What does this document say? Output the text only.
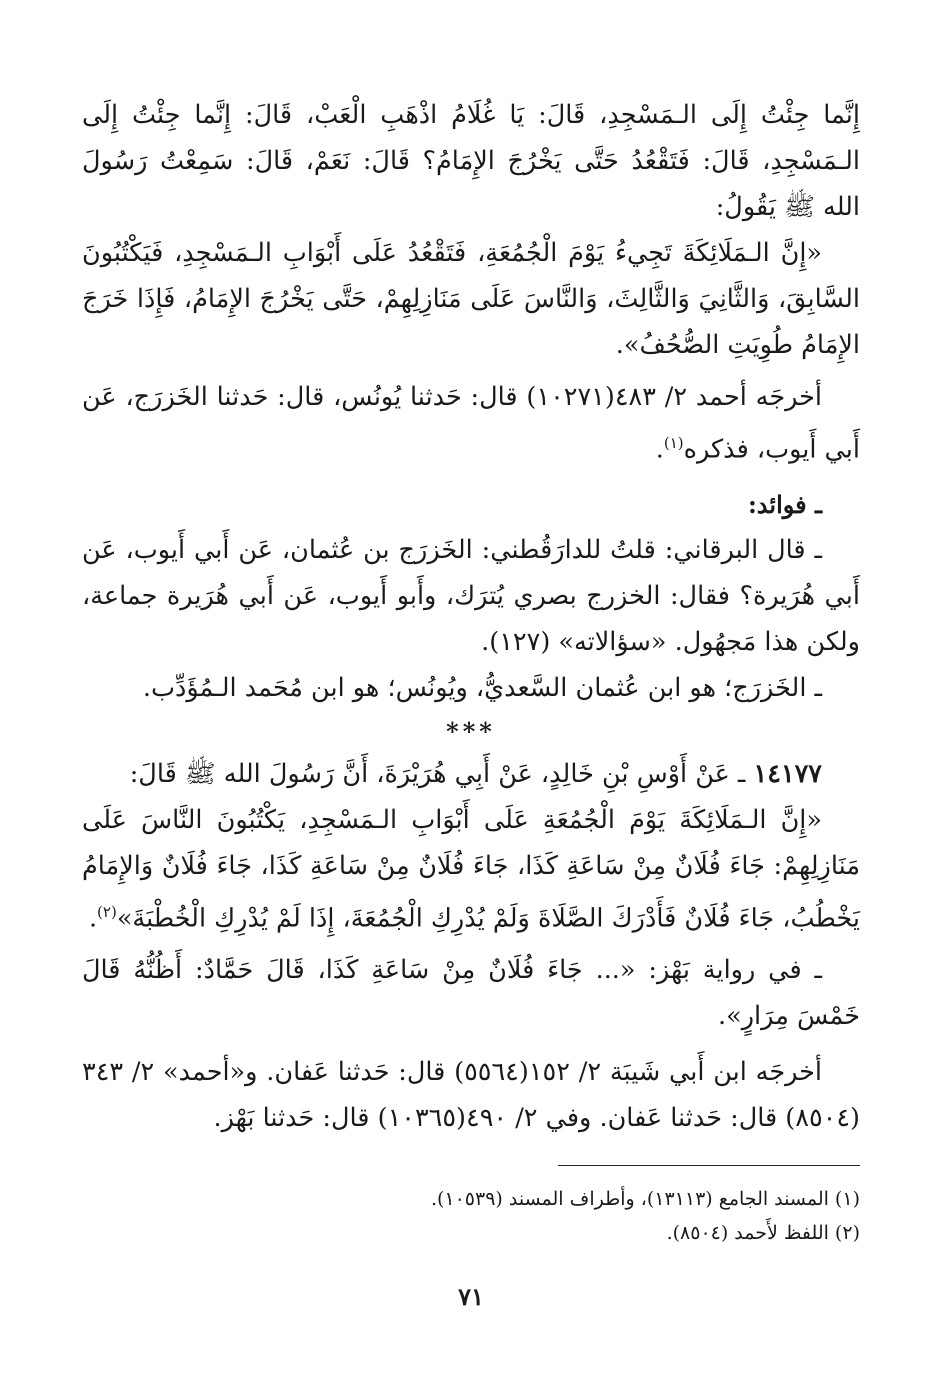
إِنَّما جِئْتُ إِلَى الـمَسْجِدِ، قَالَ: يَا غُلَامُ اذْهَبِ الْعَبْ، قَالَ: إِنَّما جِئْتُ إِلَى الـمَسْجِدِ، قَالَ: فَتَقْعُدُ حَتَّى يَخْرُجَ الإِمَامُ؟ قَالَ: نَعَمْ، قَالَ: سَمِعْتُ رَسُولَ الله ﷺ يَقُولُ:

«إِنَّ الـمَلَائِكَةَ تَجِيءُ يَوْمَ الْجُمُعَةِ، فَتَقْعُدُ عَلَى أَبْوَابِ الـمَسْجِدِ، فَيَكْتُبُونَ السَّابِقَ، وَالثَّانِيَ وَالثَّالِثَ، وَالنَّاسَ عَلَى مَنَازِلِهِمْ، حَتَّى يَخْرُجَ الإِمَامُ، فَإِذَا خَرَجَ الإِمَامُ طُوِيَتِ الصُّحُفُ».

أخرجَه أحمد ٢/ ٤٨٣(١٠٢٧١) قال: حَدثنا يُونُس، قال: حَدثنا الخَزرَج، عَن أَبي أَيوب، فذكره$^{(١)}$.

ـ فوائد:

ـ قال البرقاني: قلتُ للدارَقُطني: الخَزرَج بن عُثمان، عَن أَبي أَيوب، عَن أَبي هُرَيرة؟ فقال: الخزرج بصري يُترَك، وأَبو أَيوب، عَن أَبي هُرَيرة جماعة، ولكن هذا مَجهُول. «سؤالاته» (١٢٧).

ـ الخَزرَج؛ هو ابن عُثمان السَّعديُّ، ويُونُس؛ هو ابن مُحَمد الـمُؤَدِّب.

***

١٤١٧٧ ـ عَنْ أَوْسِ بْنِ خَالِدٍ، عَنْ أَبِي هُرَيْرَةَ، أَنَّ رَسُولَ الله ﷺ قَالَ:

«إِنَّ الـمَلَائِكَةَ يَوْمَ الْجُمُعَةِ عَلَى أَبْوَابِ الـمَسْجِدِ، يَكْتُبُونَ النَّاسَ عَلَى مَنَازِلِهِمْ: جَاءَ فُلَانٌ مِنْ سَاعَةِ كَذَا، جَاءَ فُلَانٌ مِنْ سَاعَةِ كَذَا، جَاءَ فُلَانٌ وَالإِمَامُ يَخْطُبُ، جَاءَ فُلَانٌ فَأَدْرَكَ الصَّلَاةَ وَلَمْ يُدْرِكِ الْجُمُعَةَ، إِذَا لَمْ يُدْرِكِ الْخُطْبَةَ»$^{(٢)}$.

ـ في رواية بَهْز: «... جَاءَ فُلَانٌ مِنْ سَاعَةِ كَذَا، قَالَ حَمَّادٌ: أَظُنُّهُ قَالَ خَمْسَ مِرَارٍ».

أخرجَه ابن أَبي شَيبَة ٢/ ١٥٢(٥٥٦٤) قال: حَدثنا عَفان. و«أحمد» ٢/ ٣٤٣ (٨٥٠٤) قال: حَدثنا عَفان. وفي ٢/ ٤٩٠(١٠٣٦٥) قال: حَدثنا بَهْز.

(١) المسند الجامع (١٣١١٣)، وأطراف المسند (١٠٥٣٩).

(٢) اللفظ لأَحمد (٨٥٠٤).

٧١
